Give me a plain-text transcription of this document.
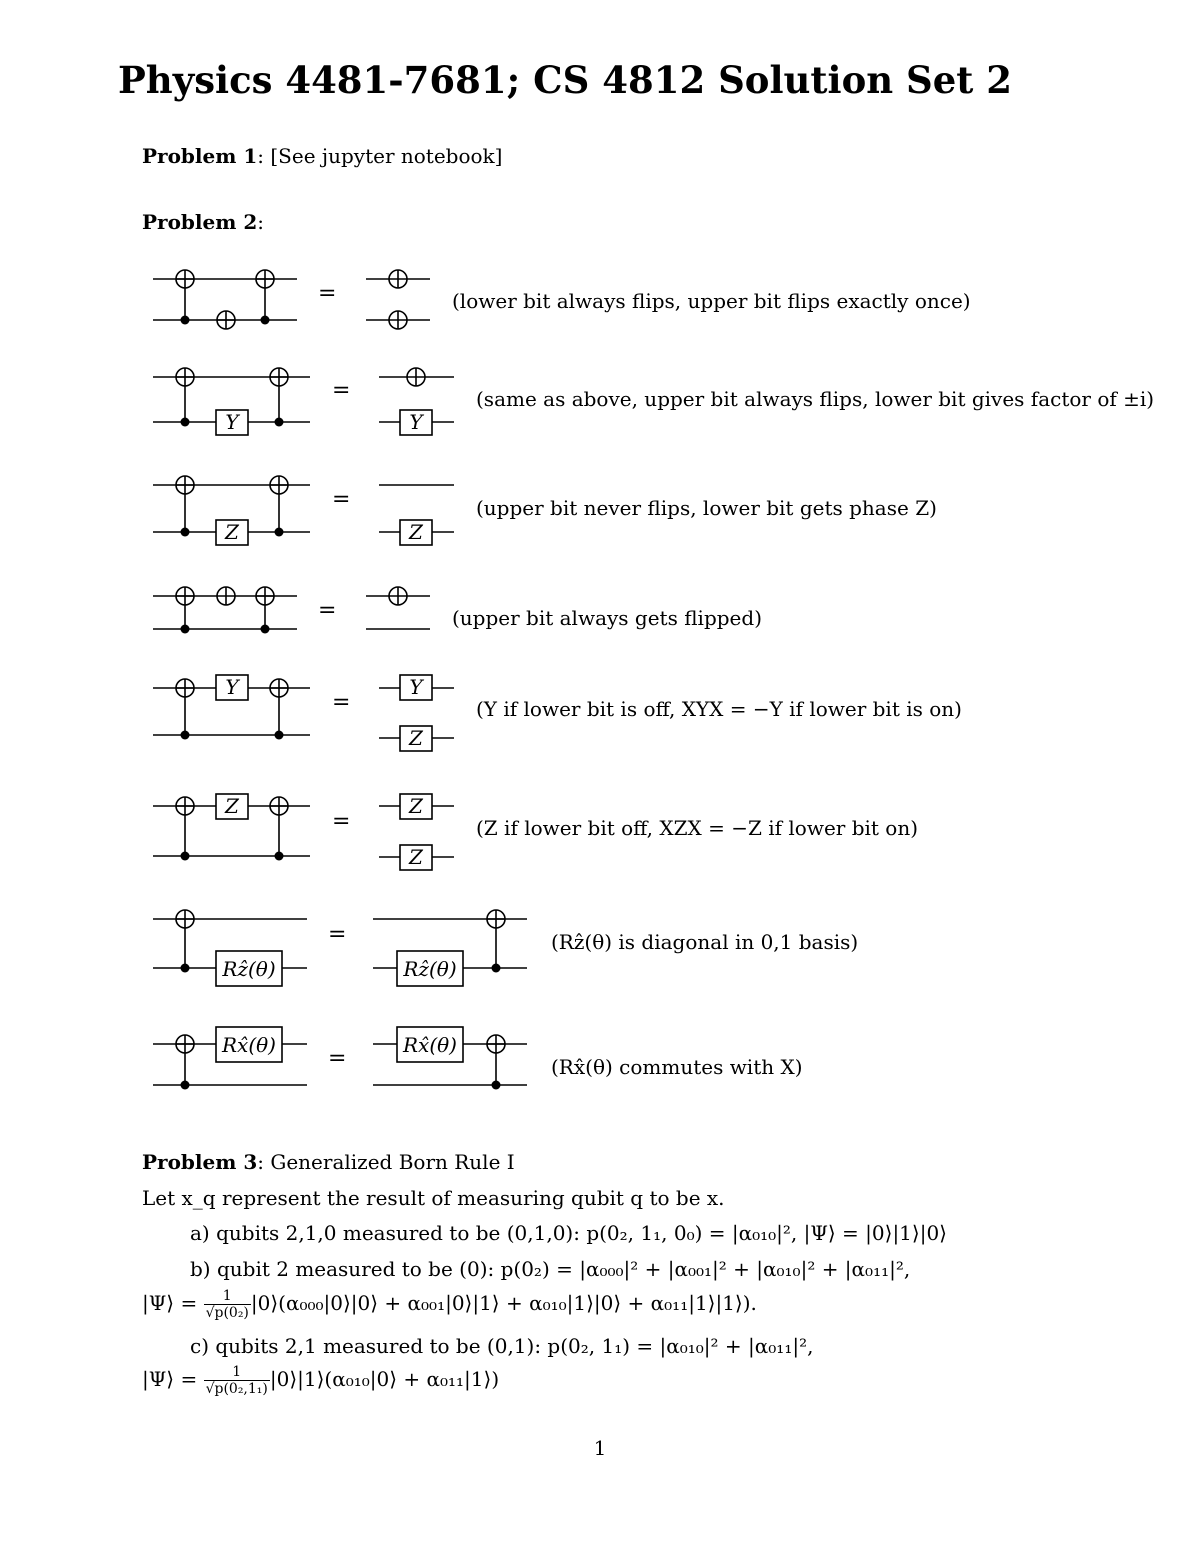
Physics 4481-7681; CS 4812 Solution Set 2

Problem 1: [See jupyter notebook]

Problem 2:

Y	Y
Z	Z
Y	Y
Z
Z	Z
Z
Rẑ(θ)	Rẑ(θ)
Rx̂(θ)	Rx̂(θ)
=
=
=
=
=
=
=
=
(lower bit always flips, upper bit flips exactly once)
(same as above, upper bit always flips, lower bit gives factor of ±i)
(upper bit never flips, lower bit gets phase Z)
(upper bit always gets flipped)
(Y if lower bit is off, XYX = −Y if lower bit is on)
(Z if lower bit off, XZX = −Z if lower bit on)
(Rẑ(θ) is diagonal in 0,1 basis)
(Rx̂(θ) commutes with X)

Problem 3: Generalized Born Rule I

Let x_q represent the result of measuring qubit q to be x.

a) qubits 2,1,0 measured to be (0,1,0): p(0₂, 1₁, 0₀) = |α₀₁₀|², |Ψ⟩ = |0⟩|1⟩|0⟩

b) qubit 2 measured to be (0): p(0₂) = |α₀₀₀|² + |α₀₀₁|² + |α₀₁₀|² + |α₀₁₁|²,

|Ψ⟩ = $\frac{1}{\text{√p(0₂)}}$ |0⟩(α₀₀₀|0⟩|0⟩ + α₀₀₁|0⟩|1⟩ + α₀₁₀|1⟩|0⟩ + α₀₁₁|1⟩|1⟩).

c) qubits 2,1 measured to be (0,1): p(0₂, 1₁) = |α₀₁₀|² + |α₀₁₁|²,

|Ψ⟩ = $\frac{1}{\text{√p(0₂,1₁)}}$ |0⟩|1⟩(α₀₁₀|0⟩ + α₀₁₁|1⟩)

1
